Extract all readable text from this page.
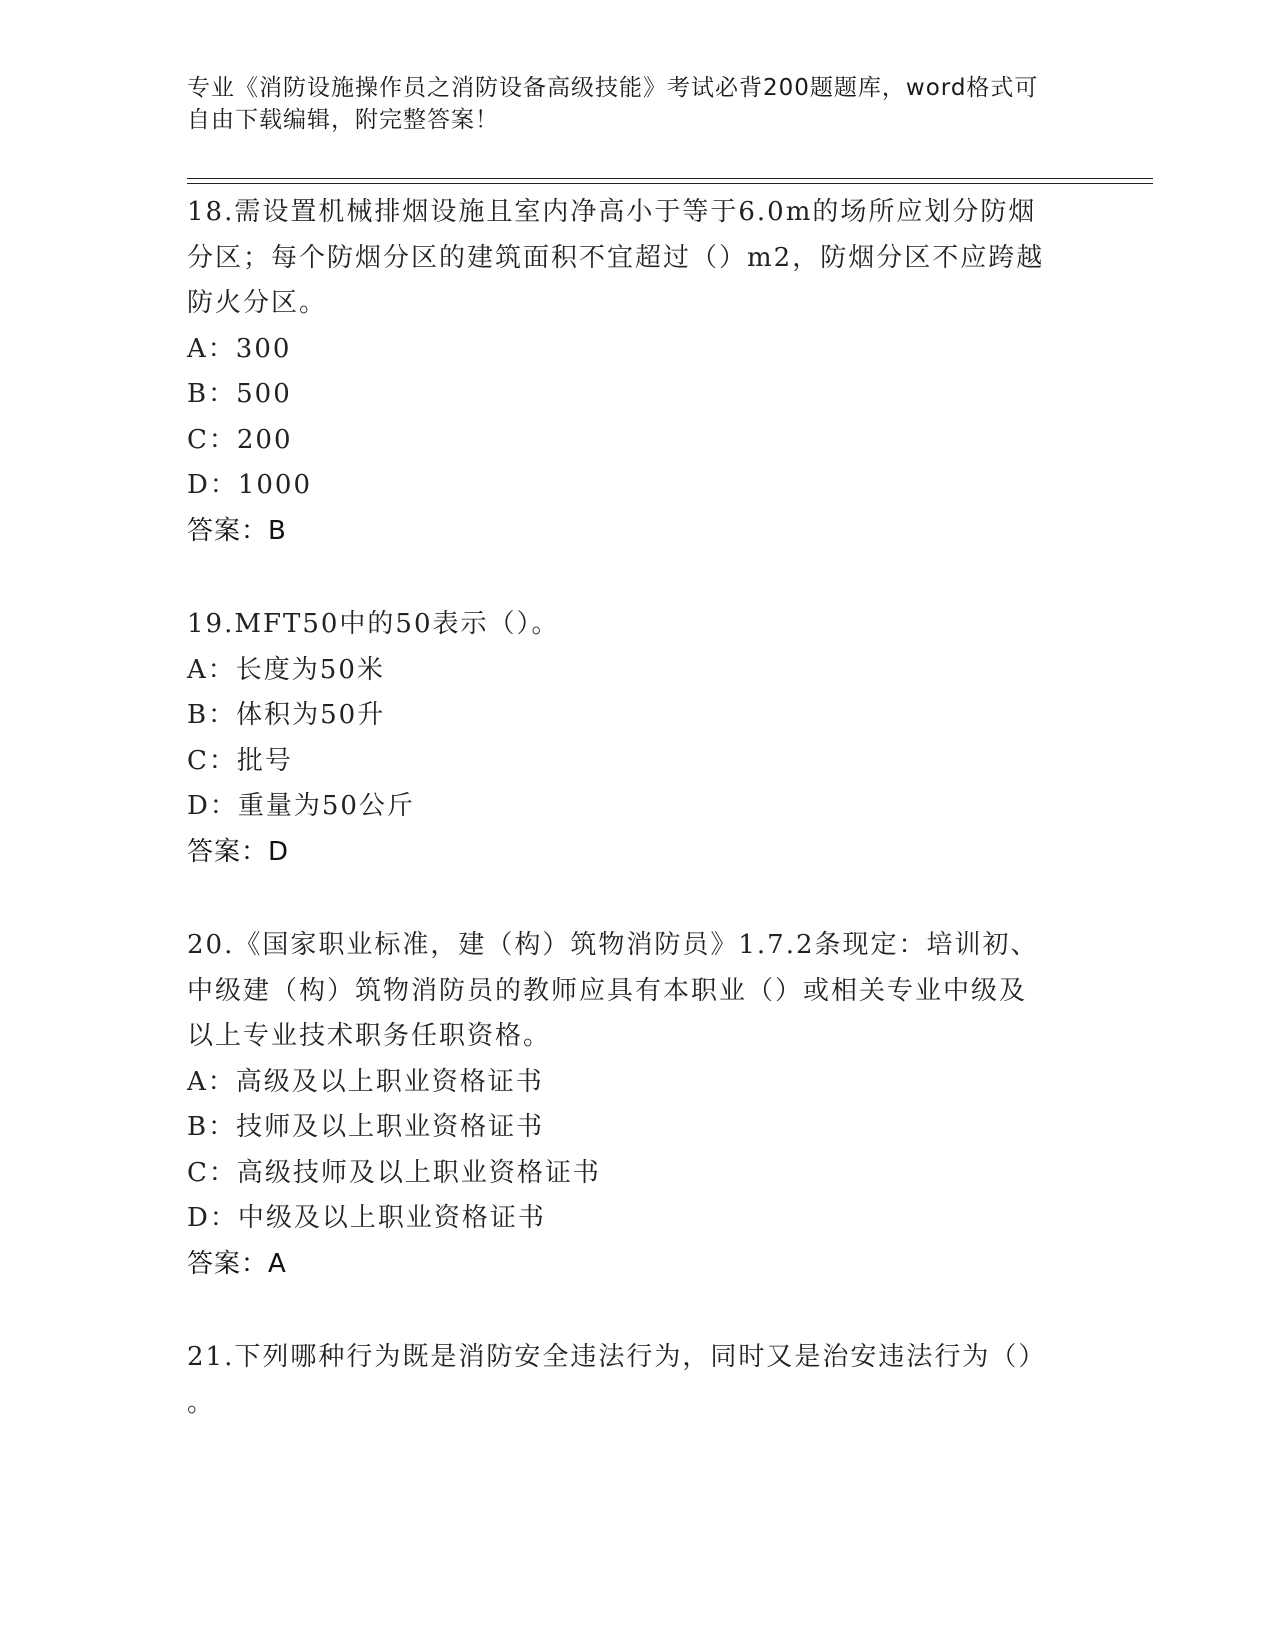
专业《消防设施操作员之消防设备高级技能》考试必背200题题库，word格式可
自由下载编辑，附完整答案！
18.需设置机械排烟设施且室内净高小于等于6.0m的场所应划分防烟
分区；每个防烟分区的建筑面积不宜超过（）m2，防烟分区不应跨越
防火分区。
A：300
B：500
C：200
D：1000
答案：B
19.MFT50中的50表示（）。
A：长度为50米
B：体积为50升
C：批号
D：重量为50公斤
答案：D
20.《国家职业标准，建（构）筑物消防员》1.7.2条现定：培训初、
中级建（构）筑物消防员的教师应具有本职业（）或相关专业中级及
以上专业技术职务任职资格。
A：高级及以上职业资格证书
B：技师及以上职业资格证书
C：高级技师及以上职业资格证书
D：中级及以上职业资格证书
答案：A
21.下列哪种行为既是消防安全违法行为，同时又是治安违法行为（）
。
